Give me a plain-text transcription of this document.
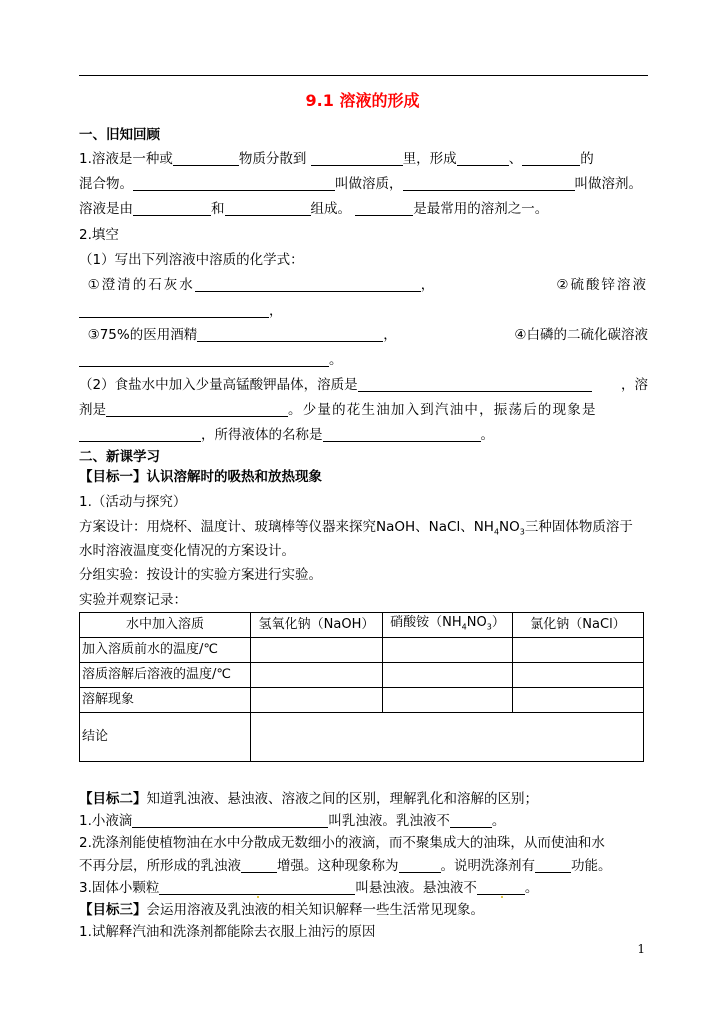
9.1 溶液的形成
一、旧知回顾
1.溶液是一种或	物质分散到	里，形成	、	的
混合物。	叫做溶质，	叫做溶剂。
溶液是由	和	组成。	是最常用的溶剂之一。
2.填空
（1）写出下列溶液中溶质的化学式：
①澄清的石灰水	，	②硫酸锌溶液
，
③75%的医用酒精	，	④白磷的二硫化碳溶液
。
（2）食盐水中加入少量高锰酸钾晶体，溶质是	，溶
剂是	。少量的花生油加入到汽油中，振荡后的现象是
，所得液体的名称是	。
二、新课学习
【目标一】认识溶解时的吸热和放热现象
1.（活动与探究）
方案设计：用烧杯、温度计、玻璃棒等仪器来探究NaOH、NaCl、$NH_4NO_3$三种固体物质溶于
水时溶液温度变化情况的方案设计。
分组实验：按设计的实验方案进行实验。
实验并观察记录：
水中加入溶质	氢氧化钠（NaOH）	硝酸铵$(NH_4NO_3)$	氯化钠（NaCl）
加入溶质前水的温度/℃			
溶质溶解后溶液的温度/℃			
溶解现象			
结论			
【目标二】知道乳浊液、悬浊液、溶液之间的区别，理解乳化和溶解的区别；
1.小液滴	叫乳浊液。乳浊液不	。
2.洗涤剂能使植物油在水中分散成无数细小的液滴，而不聚集成大的油珠，从而使油和水
不再分层，所形成的乳浊液	增强。这种现象称为	。说明洗涤剂有	功能。
3.固体小颗粒	叫悬浊液。悬浊液不	。
【目标三】会运用溶液及乳浊液的相关知识解释一些生活常见现象。
1.试解释汽油和洗涤剂都能除去衣服上油污的原因
1
